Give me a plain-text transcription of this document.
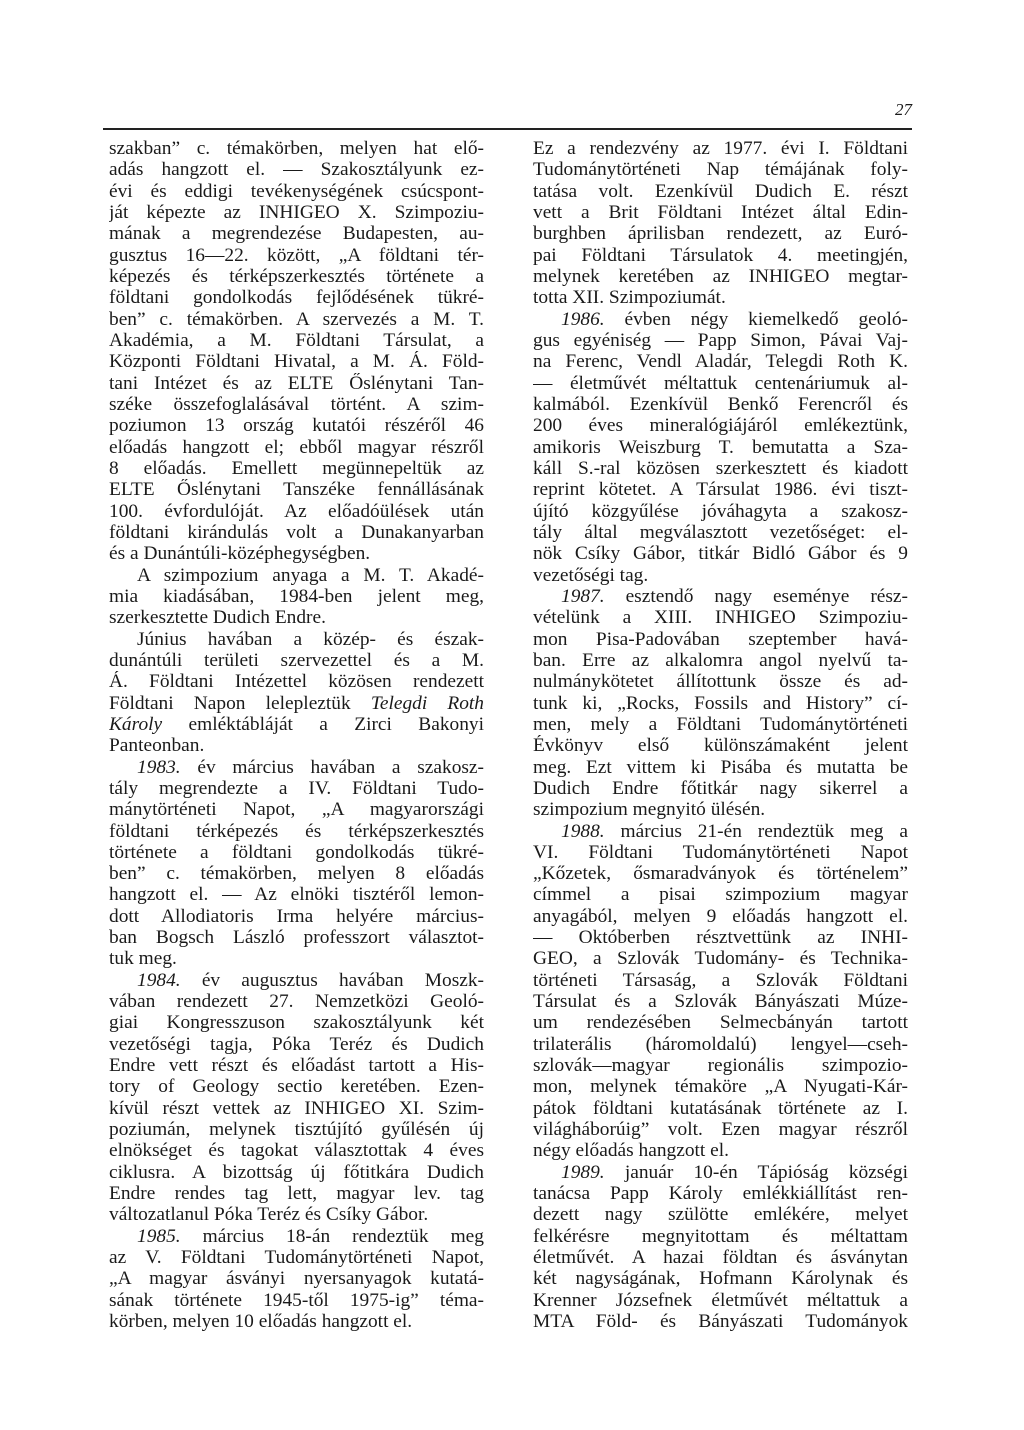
27
szakban” c. témakörben, melyen hat elő-
adás hangzott el. — Szakosztályunk ez-
évi és eddigi tevékenységének csúcspont-
ját képezte az INHIGEO X. Szimpoziu-
mának a megrendezése Budapesten, au-
gusztus 16—22. között, „A földtani tér-
képezés és térképszerkesztés története a
földtani gondolkodás fejlődésének tükré-
ben” c. témakörben. A szervezés a M. T.
Akadémia, a M. Földtani Társulat, a
Központi Földtani Hivatal, a M. Á. Föld-
tani Intézet és az ELTE Őslénytani Tan-
széke összefoglalásával történt. A szim-
poziumon 13 ország kutatói részéről 46
előadás hangzott el; ebből magyar részről
8 előadás. Emellett megünnepeltük az
ELTE Őslénytani Tanszéke fennállásának
100. évfordulóját. Az előadóülések után
földtani kirándulás volt a Dunakanyarban
és a Dunántúli-középhegységben.
A szimpozium anyaga a M. T. Akadé-
mia kiadásában, 1984-ben jelent meg,
szerkesztette Dudich Endre.
Június havában a közép- és észak-
dunántúli területi szervezettel és a M.
Á. Földtani Intézettel közösen rendezett
Földtani Napon lelepleztük Telegdi Roth
Károly emléktábláját a Zirci Bakonyi
Panteonban.
1983. év március havában a szakosz-
tály megrendezte a IV. Földtani Tudo-
mánytörténeti Napot, „A magyarországi
földtani térképezés és térképszerkesztés
története a földtani gondolkodás tükré-
ben” c. témakörben, melyen 8 előadás
hangzott el. — Az elnöki tisztéről lemon-
dott Allodiatoris Irma helyére március-
ban Bogsch László professzort választot-
tuk meg.
1984. év augusztus havában Moszk-
vában rendezett 27. Nemzetközi Geoló-
giai Kongresszuson szakosztályunk két
vezetőségi tagja, Póka Teréz és Dudich
Endre vett részt és előadást tartott a His-
tory of Geology sectio keretében. Ezen-
kívül részt vettek az INHIGEO XI. Szim-
poziumán, melynek tisztújító gyűlésén új
elnökséget és tagokat választottak 4 éves
ciklusra. A bizottság új főtitkára Dudich
Endre rendes tag lett, magyar lev. tag
változatlanul Póka Teréz és Csíky Gábor.
1985. március 18-án rendeztük meg
az V. Földtani Tudománytörténeti Napot,
„A magyar ásványi nyersanyagok kutatá-
sának története 1945-től 1975-ig” téma-
körben, melyen 10 előadás hangzott el.
Ez a rendezvény az 1977. évi I. Földtani
Tudománytörténeti Nap témájának foly-
tatása volt. Ezenkívül Dudich E. részt
vett a Brit Földtani Intézet által Edin-
burghben áprilisban rendezett, az Euró-
pai Földtani Társulatok 4. meetingjén,
melynek keretében az INHIGEO megtar-
totta XII. Szimpoziumát.
1986. évben négy kiemelkedő geoló-
gus egyéniség — Papp Simon, Pávai Vaj-
na Ferenc, Vendl Aladár, Telegdi Roth K.
— életművét méltattuk centenáriumuk al-
kalmából. Ezenkívül Benkő Ferencről és
200 éves mineralógiájáról emlékeztünk,
amikoris Weiszburg T. bemutatta a Sza-
káll S.-ral közösen szerkesztett és kiadott
reprint kötetet. A Társulat 1986. évi tiszt-
újító közgyűlése jóváhagyta a szakosz-
tály által megválasztott vezetőséget: el-
nök Csíky Gábor, titkár Bidló Gábor és 9
vezetőségi tag.
1987. esztendő nagy eseménye rész-
vételünk a XIII. INHIGEO Szimpoziu-
mon Pisa-Padovában szeptember havá-
ban. Erre az alkalomra angol nyelvű ta-
nulmánykötetet állítottunk össze és ad-
tunk ki, „Rocks, Fossils and History” cí-
men, mely a Földtani Tudománytörténeti
Évkönyv első különszámaként jelent
meg. Ezt vittem ki Pisába és mutatta be
Dudich Endre főtitkár nagy sikerrel a
szimpozium megnyitó ülésén.
1988. március 21-én rendeztük meg a
VI. Földtani Tudománytörténeti Napot
„Kőzetek, ősmaradványok és történelem”
címmel a pisai szimpozium magyar
anyagából, melyen 9 előadás hangzott el.
— Októberben résztvettünk az INHI-
GEO, a Szlovák Tudomány- és Technika-
történeti Társaság, a Szlovák Földtani
Társulat és a Szlovák Bányászati Múze-
um rendezésében Selmecbányán tartott
trilaterális (háromoldalú) lengyel—cseh-
szlovák—magyar regionális szimpozio-
mon, melynek témaköre „A Nyugati-Kár-
pátok földtani kutatásának története az I.
világháborúig” volt. Ezen magyar részről
négy előadás hangzott el.
1989. január 10-én Tápióság községi
tanácsa Papp Károly emlékkiállítást ren-
dezett nagy szülötte emlékére, melyet
felkérésre megnyitottam és méltattam
életművét. A hazai földtan és ásványtan
két nagyságának, Hofmann Károlynak és
Krenner Józsefnek életművét méltattuk a
MTA Föld- és Bányászati Tudományok
